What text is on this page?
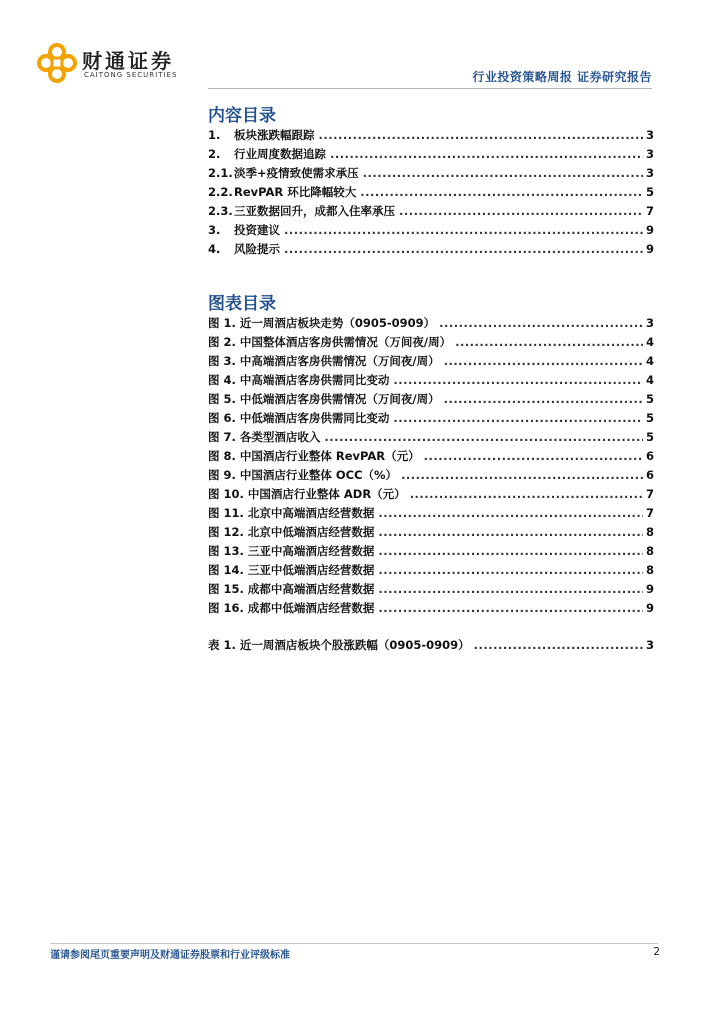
财通证券
CAITONG SECURITIES	行业投资策略周报 证券研究报告
内容目录
1.	板块涨跌幅跟踪 .....	3
2.	行业周度数据追踪 .....	3
2.1. 淡季+疫情致使需求承压 .....	3
2.2. RevPAR 环比降幅较大 .....	5
2.3. 三亚数据回升，成都入住率承压 .....	7
3.	投资建议 .....	9
4.	风险提示 .....	9
图表目录
图 1. 近一周酒店板块走势（0905-0909） .....	3
图 2. 中国整体酒店客房供需情况（万间夜/周） .....	4
图 3. 中高端酒店客房供需情况（万间夜/周） .....	4
图 4. 中高端酒店客房供需同比变动 .....	4
图 5. 中低端酒店客房供需情况（万间夜/周） .....	5
图 6. 中低端酒店客房供需同比变动 .....	5
图 7. 各类型酒店收入 .....	5
图 8. 中国酒店行业整体 RevPAR（元） .....	6
图 9. 中国酒店行业整体 OCC（%） .....	6
图 10. 中国酒店行业整体 ADR（元） .....	7
图 11. 北京中高端酒店经营数据 .....	7
图 12. 北京中低端酒店经营数据 .....	8
图 13. 三亚中高端酒店经营数据 .....	8
图 14. 三亚中低端酒店经营数据 .....	8
图 15. 成都中高端酒店经营数据 .....	9
图 16. 成都中低端酒店经营数据 .....	9
表 1. 近一周酒店板块个股涨跌幅（0905-0909） .....	3
谨请参阅尾页重要声明及财通证券股票和行业评级标准	2
